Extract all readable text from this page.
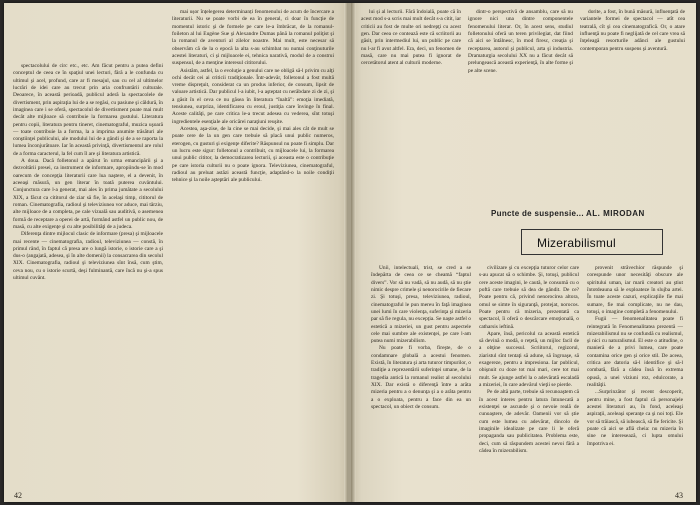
spectacolului de circ etc., etc. Am făcut pentru a putea defini conceptul de ceea ce în spaţiul unei lecturi, fără a le confunda cu ultimul şi acel, profund, care ar fi mesajul, sau cu cel al ultimelor lucrări de idei care au trecut prin aria confruntării culturale. Deoarece, în această perioadă, publicul aderă la spectacolele de divertisment, prin aspiraţia lui de a se regăsi, cu pasiune şi căldură, în imaginea care i se oferă, spectacolul de divertisment poate mai mult decât alte mijloace să contribuie la formarea gustului. Literatura pentru copii, literatura pentru tineret, cinematograful, muzica uşoară — toate contribuie la a forma, la a imprima anumite trăsături ale conştiinţei publicului, ale modului lui de a gândi şi de a se raporta la lumea înconjurătoare. Iar în această privinţă, divertismentul are rolul de a forma caracterul, la fel cum îl are şi literatura artistică.

A doua. Dacă folletonul a apărut în urma emancipării şi a dezvoltării presei, ca instrument de informare, apropiindu-se în mod oarecum de concepţia literaturii care lua naştere, el a devenit, în aceeaşi măsură, un gen literar în toată puterea cuvântului. Conjunctura care l-a generat, mai ales în prima jumătate a secolului XIX, a făcut ca cititorul de ziar să fie, în acelaşi timp, cititorul de roman. Cinematografia, radioul şi televiziunea vor aduce, mai târziu, alte mijloace de a completa, pe cale vizuală sau auditivă, o asemenea formă de receptare a operei de artă, formând astfel un public nou, de masă, cu alte exigenţe şi cu alte posibilităţi de a judeca.

Diferenţa dintre mijlocul clasic de informare (presa) şi mijloacele mai recente — cinematografia, radioul, televiziunea — constă, în primul rând, în faptul că presa are o lungă istorie, o istorie care a şi dus-o (angajată, adesea, şi în alte domenii) la consacrarea din secolul XIX. Cinematografia, radioul şi televiziunea sînt însă, cum ştim, ceva nou, cu o istorie scurtă, deşi fulminantă, care încă nu şi-a spus ultimul cuvânt.

mai ușor înțelegerea determinanți fenomenului de acum de încercare a literaturii. Nu se poate vorbi de ea în general, ci doar în funcţie de momentul istoric şi de formele pe care le-a îmbrăcat, de la romanul-foileton al lui Eugène Sue şi Alexandre Dumas până la romanul poliţist şi la romanul de aventuri al zilelor noastre. Mai mult, este necesar să observăm că de la o epocă la alta s-au schimbat nu numai conţinuturile acestei literaturi, ci şi mijloacele ei, tehnica narativă, modul de a construi suspensul, de a menţine interesul cititorului.

Asistăm, astfel, la o evoluţie a genului care ne obligă să-l privim cu alţi ochi decât cei ai criticii tradiţionale. Într-adevăr, folletonul a fost multă vreme dispreţuit, considerat ca un produs inferior, de consum, lipsit de valoare artistică. Dar publicul l-a iubit, l-a aşteptat cu nerăbdare zi de zi, şi a găsit în el ceva ce nu găsea în literatura “înaltă”: emoţia imediată, tensiunea, surpriza, identificarea cu eroul, justiţia care învinge în final. Aceste calităţi, pe care critica le-a trecut adesea cu vederea, sînt totuşi ingredientele esenţiale ale oricărei naraţiuni reuşite.

Acestea, aşa-zise, de la cine se mai decide, şi mai ales cât de mult se poate cere de la un gen care trebuie să placă unui public numeros, eterogen, cu gusturi şi exigenţe diferite? Răspunsul nu poate fi simplu. Dar un lucru este sigur: folletonul a contribuit, cu mijloacele lui, la formarea unui public cititor, la democratizarea lecturii, şi aceasta este o contribuţie pe care istoria culturii nu o poate ignora. Televiziunea, cinematograful, radioul au preluat astăzi această funcţie, adaptând-o la noile condiţii tehnice şi la noile aşteptări ale publicului.

42

lui și al lecturii. Fără îndoială, poate că în acest mod s-a scris mai mult decât s-a citit, iar criticii au fost de multe ori nedrepţi cu acest gen. Dar ceea ce contează este că scriitorii au găsit, prin intermediul lui, un public pe care nu l-ar fi avut altfel. Era, deci, un fenomen de masă, care nu mai putea fi ignorat de cercetătorul atent al culturii moderne.

dintr-o perspectivă de ansamblu, care să nu ignore nici una dintre componentele fenomenului literar. Or, în acest sens, studiul folletonului oferă un teren privilegiat, dat fiind că aici se întâlnesc, în mod firesc, creaţia şi receptarea, autorul şi publicul, arta şi industria. Dramaturgia secolului XX nu a făcut decât să prelungească această experienţă, în alte forme şi pe alte scene.

dorite, a fost, în bună măsură, influenţată de variantele formei de spectacol — atît cea teatrală, cît şi cea cinematografică. Or, o atare influenţă nu poate fi neglijată de cel care vrea să înţeleagă resorturile adânci ale gustului contemporan pentru suspens şi aventură.

Puncte de suspensie... AL. MIRODAN
Mizerabilismul

Unii, intelectuali, trist, se cred a se îndepărta de ceea ce se cheamă “faptul divers”. Vor să nu vadă, să nu audă, să nu ştie nimic despre crimele şi nenorocirile de fiecare zi. Şi totuşi, presa, televiziunea, radioul, cinematograful le pun mereu în faţă imaginea unei lumi în care violenţa, suferinţa şi mizeria par să fie regula, nu excepţia. Se naşte astfel o estetică a mizeriei, un gust pentru aspectele cele mai sumbre ale existenţei, pe care l-am putea numi mizerabilism.

Nu poate fi vorba, fireşte, de o condamnare globală a acestui fenomen. Există, în literatura şi arta tuturor timpurilor, o tradiţie a reprezentării suferinţei umane, de la tragedia antică la romanul realist al secolului XIX. Dar există o diferenţă între a arăta mizeria pentru a o denunţa şi a o arăta pentru a o exploata, pentru a face din ea un spectacol, un obiect de consum.

civilizare şi cu excepţia tuturor celor care s-au apucat să o schimbe. Şi, totuşi, publicul cere aceste imagini, le caută, le consumă cu o poftă care trebuie să dea de gândit. De ce? Poate pentru că, privind nenorocirea altora, omul se simte în siguranţă, protejat, norocos. Poate pentru că mizeria, prezentată ca spectacol, îi oferă o descărcare emoţională, o catharsis ieftină.

Apare, însă, pericolul ca această estetică să devină o modă, o reţetă, un mijloc facil de a obţine succesul. Scriitorul, regizorul, ziaristul sînt tentaţi să adune, să îngroaşe, să exagereze, pentru a impresiona. Iar publicul, obişnuit cu doze tot mai mari, cere tot mai mult. Se ajunge astfel la o adevărată escaladă a mizeriei, în care adevărul vieţii se pierde.

Pe de altă parte, trebuie să recunoaştem că în acest interes pentru latura întunecată a existenţei se ascunde şi o nevoie reală de cunoaştere, de adevăr. Oamenii vor să ştie cum este lumea cu adevărat, dincolo de imaginile idealizate pe care li le oferă propaganda sau publicitatea. Problema este, deci, cum să răspundem acestei nevoi fără a cădea în mizerabilism.

provenit străvechior răspunde şi corespunde unor necesităţi obscure ale spiritului uman, iar marii creatori au ştiut întotdeauna să le exploateze în slujba artei. În toate aceste cazuri, explicaţiile fie mai sumare, fie mai complicate, nu ne dau, totuşi, o imagine completă a fenomenului.

Fugii — fenomenalitatea poate fi reintegrată în Fenomenalitatea prezentă — mizerabilismul nu se confundă cu realismul, şi nici cu naturalismul. El este o atitudine, o manieră de a privi lumea, care poate contamina orice gen şi orice stil. De aceea, critica are datoria să-l identifice şi să-l combată, fără a cădea însă în extrema opusă, a unei viziuni roz, edulcorate, a realităţii.

...Surprinzător şi recent descoperit, pentru mine, a fost faptul că personajele acestei literaturi au, în fond, aceleaşi aspiraţii, aceleaşi speranţe ca şi noi toţi. Ele vor să trăiască, să iubească, să fie fericite. Şi poate că aici se află cheia: nu mizeria în sine ne interesează, ci lupta omului împotriva ei.

43
